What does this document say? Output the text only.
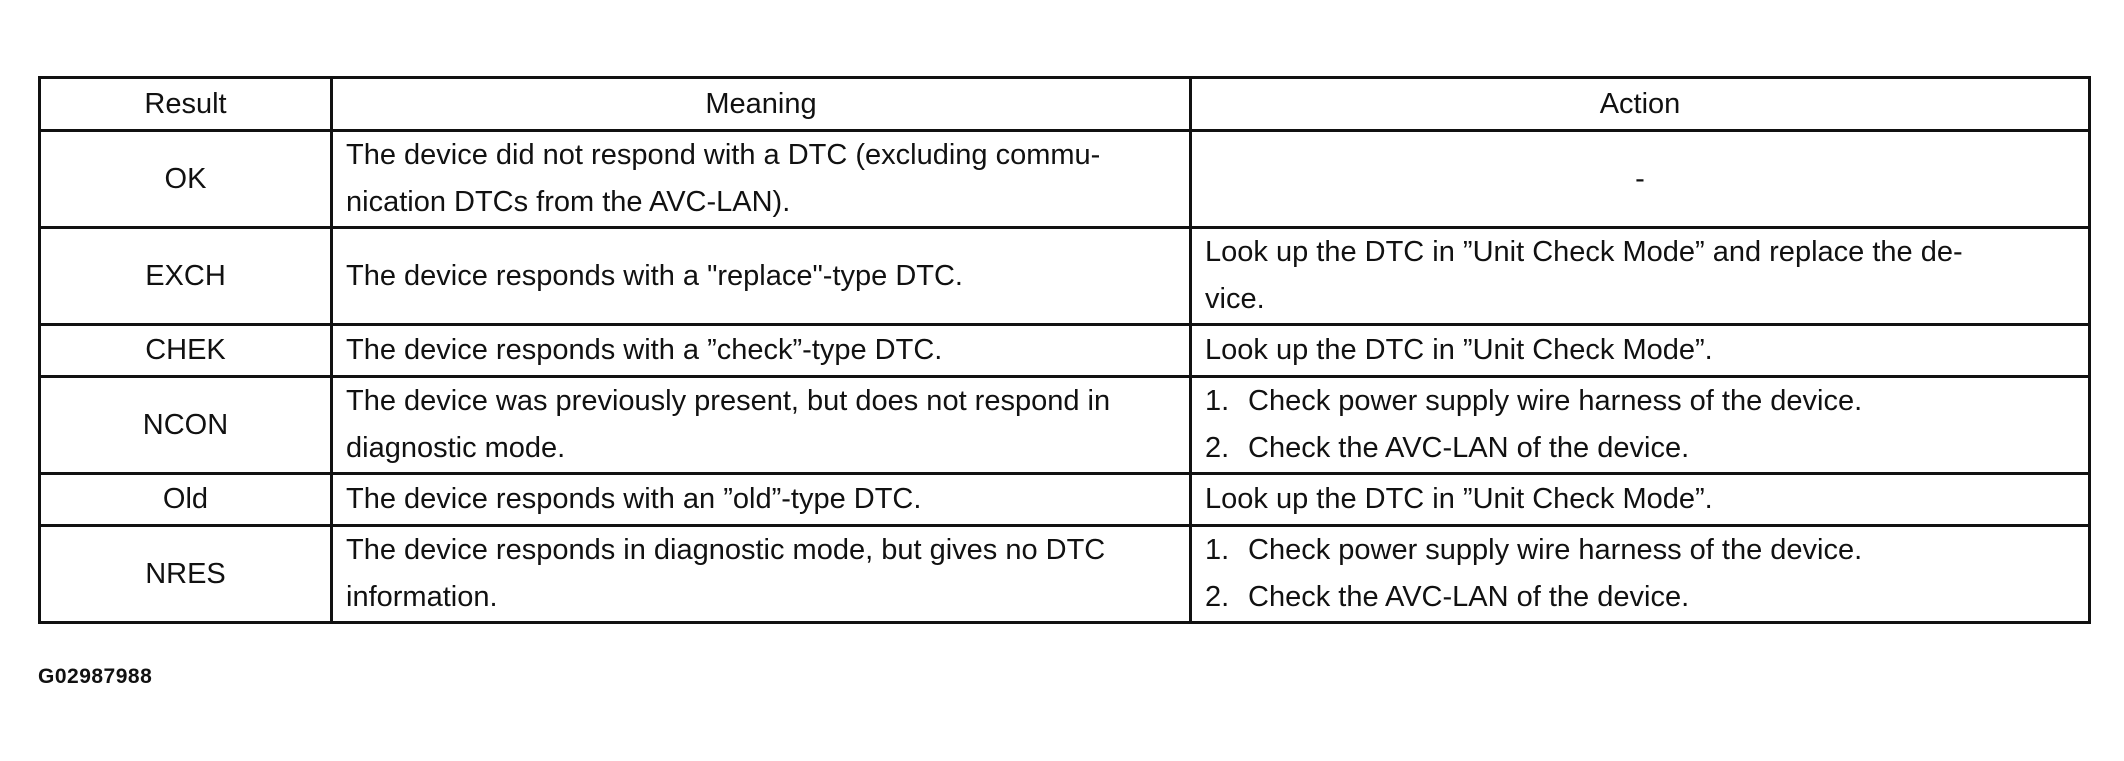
Result	Meaning	Action
OK	The device did not respond with a DTC (excluding commu-
nication DTCs from the AVC-LAN).	-
EXCH	The device responds with a "replace"-type DTC.	Look up the DTC in ”Unit Check Mode” and replace the de-
vice.

CHEK	The device responds with a ”check”-type DTC.	Look up the DTC in ”Unit Check Mode”.

NCON	The device was previously present, but does not respond in
diagnostic mode.	1. Check power supply wire harness of the device.
2. Check the AVC-LAN of the device.

Old	The device responds with an ”old”-type DTC.	Look up the DTC in ”Unit Check Mode”.

NRES	The device responds in diagnostic mode, but gives no DTC
information.	1. Check power supply wire harness of the device.
2. Check the AVC-LAN of the device.
G02987988
